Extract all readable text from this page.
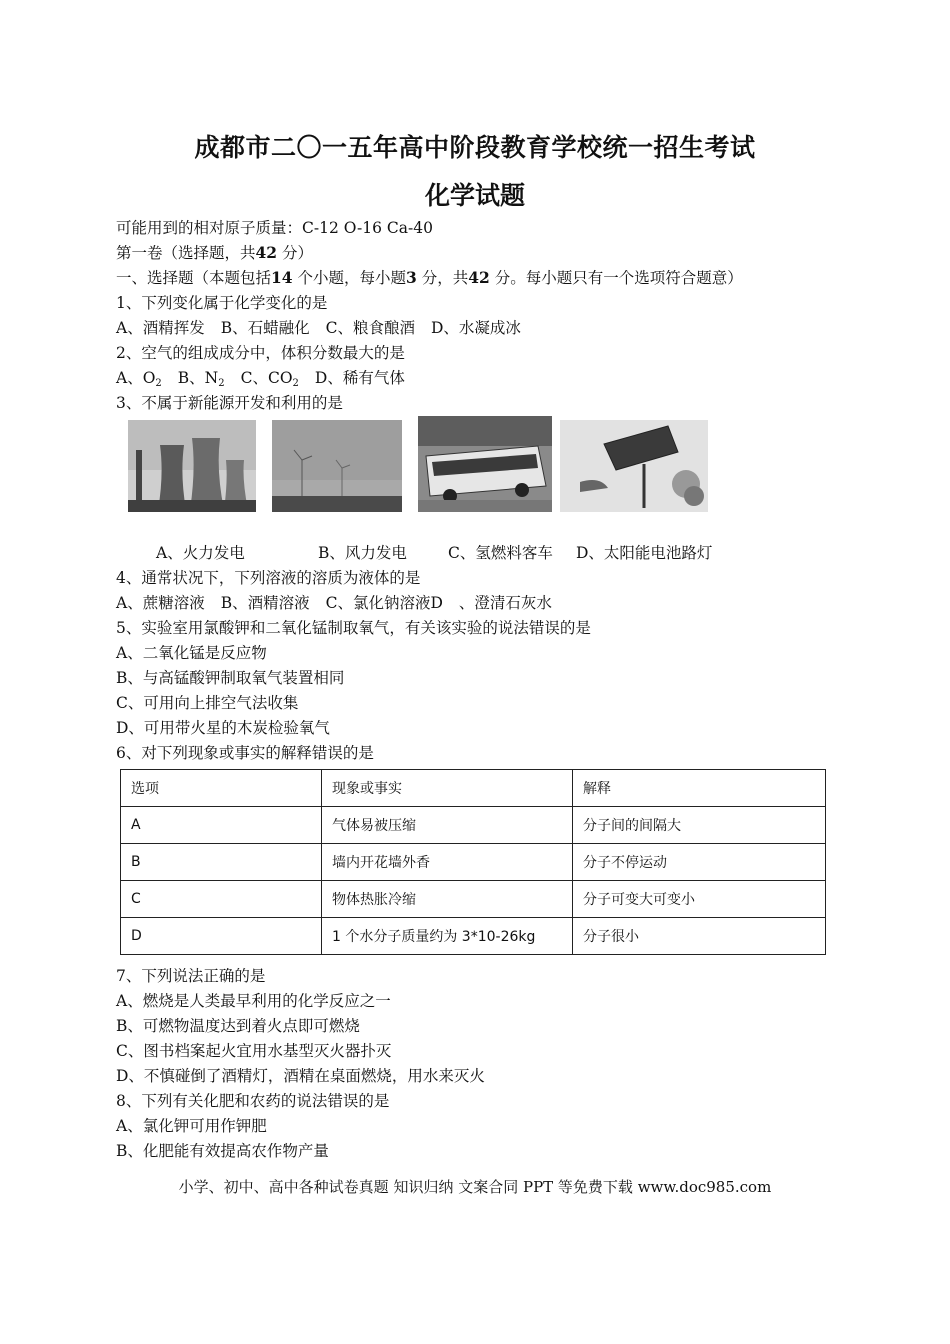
成都市二〇一五年高中阶段教育学校统一招生考试
化学试题
可能用到的相对原子质量：C-12 O-16 Ca-40
第一卷（选择题，共42 分）
一、选择题（本题包括14 个小题，每小题3 分，共42 分。每小题只有一个选项符合题意）
1、下列变化属于化学变化的是
A、酒精挥发 B、石蜡融化 C、粮食酿酒 D、水凝成冰
2、空气的组成成分中，体积分数最大的是
A、$O_2$ B、$N_2$ C、$CO_2$ D、稀有气体
3、不属于新能源开发和利用的是
A、火力发电	B、风力发电	C、氢燃料客车 D、太阳能电池路灯
4、通常状况下，下列溶液的溶质为液体的是
A、蔗糖溶液 B、酒精溶液 C、氯化钠溶液D 、澄清石灰水
5、实验室用氯酸钾和二氧化锰制取氧气，有关该实验的说法错误的是
A、二氧化锰是反应物
B、与高锰酸钾制取氧气装置相同
C、可用向上排空气法收集
D、可用带火星的木炭检验氧气
6、对下列现象或事实的解释错误的是
选项	现象或事实	解释
A	气体易被压缩	分子间的间隔大
B	墙内开花墙外香	分子不停运动
C	物体热胀冷缩	分子可变大可变小
D	1 个水分子质量约为 3*10-26kg	分子很小
7、下列说法正确的是
A、燃烧是人类最早利用的化学反应之一
B、可燃物温度达到着火点即可燃烧
C、图书档案起火宜用水基型灭火器扑灭
D、不慎碰倒了酒精灯，酒精在桌面燃烧，用水来灭火
8、下列有关化肥和农药的说法错误的是
A、氯化钾可用作钾肥
B、化肥能有效提高农作物产量
小学、初中、高中各种试卷真题 知识归纳 文案合同 PPT 等免费下载 www.doc985.com
